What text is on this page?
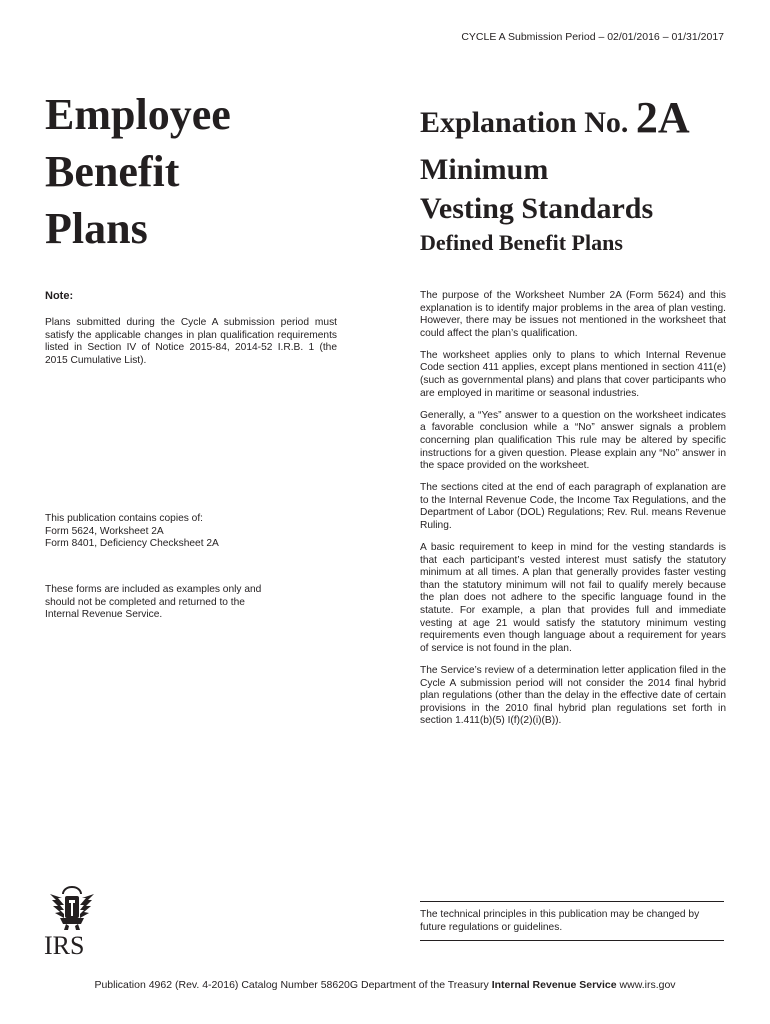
CYCLE A Submission Period – 02/01/2016 – 01/31/2017
Employee
Benefit
Plans
Explanation No. 2A
Minimum
Vesting Standards
Defined Benefit Plans
Note:

Plans submitted during the Cycle A submission period must satisfy the applicable changes in plan qualification requirements listed in Section IV of Notice 2015-84, 2014-52 I.R.B. 1 (the 2015 Cumulative List).

This publication contains copies of:
Form 5624, Worksheet 2A
Form 8401, Deficiency Checksheet 2A

These forms are included as examples only and should not be completed and returned to the Internal Revenue Service.

The purpose of the Worksheet Number 2A (Form 5624) and this explanation is to identify major problems in the area of plan vesting. However, there may be issues not mentioned in the worksheet that could affect the plan’s qualification.

The worksheet applies only to plans to which Internal Revenue Code section 411 applies, except plans mentioned in section 411(e) (such as governmental plans) and plans that cover participants who are employed in maritime or seasonal industries.

Generally, a “Yes” answer to a question on the worksheet indicates a favorable conclusion while a “No” answer signals a problem concerning plan qualification This rule may be altered by specific instructions for a given question. Please explain any “No” answer in the space provided on the worksheet.

The sections cited at the end of each paragraph of explanation are to the Internal Revenue Code, the Income Tax Regulations, and the Department of Labor (DOL) Regulations; Rev. Rul. means Revenue Ruling.

A basic requirement to keep in mind for the vesting standards is that each participant’s vested interest must satisfy the statutory minimum at all times. A plan that generally provides faster vesting than the statutory minimum will not fail to qualify merely because the plan does not adhere to the specific language found in the statute. For example, a plan that provides full and immediate vesting at age 21 would satisfy the statutory minimum vesting requirements even though language about a requirement for years of service is not found in the plan.

The Service’s review of a determination letter application filed in the Cycle A submission period will not consider the 2014 final hybrid plan regulations (other than the delay in the effective date of certain provisions in the 2010 final hybrid plan regulations set forth in section 1.411(b)(5) I(f)(2)(i)(B)).

The technical principles in this publication may be changed by future regulations or guidelines.

IRS
Publication 4962 (Rev. 4-2016) Catalog Number 58620G Department of the Treasury Internal Revenue Service www.irs.gov
